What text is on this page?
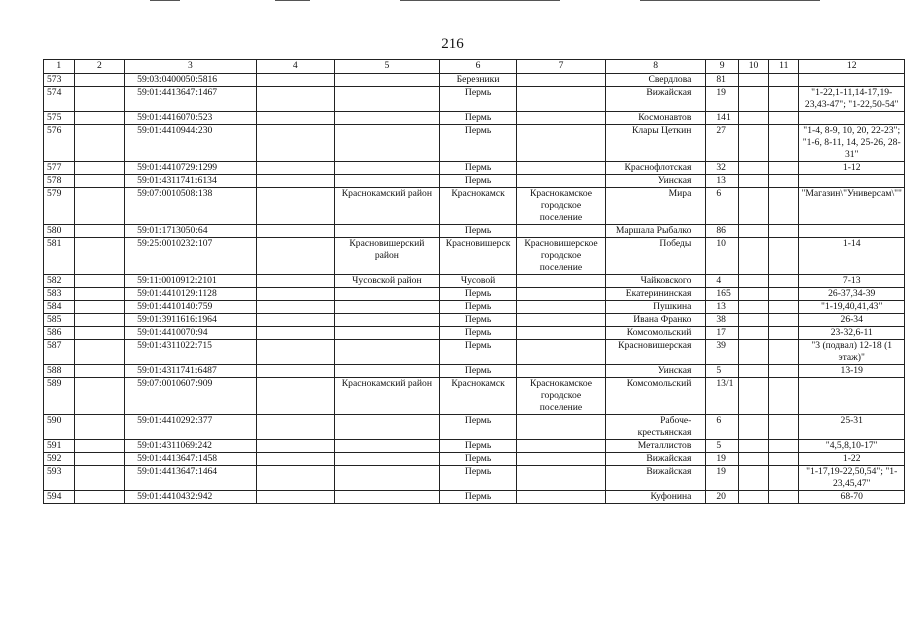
216
1	2	3	4	5	6	7	8	9	10	11	12
573		59:03:0400050:5816			Березники		Свердлова	81			
574		59:01:4413647:1467			Пермь		Вижайская	19			"1-22,1-11,14-17,19-23,43-47"; "1-22,50-54"
575		59:01:4416070:523			Пермь		Космонавтов	141			
576		59:01:4410944:230			Пермь		Клары Цеткин	27			"1-4, 8-9, 10, 20, 22-23"; "1-6, 8-11, 14, 25-26, 28-31"
577		59:01:4410729:1299			Пермь		Краснофлотская	32			1-12
578		59:01:4311741:6134			Пермь		Уинская	13			
579		59:07:0010508:138		Краснокамский район	Краснокамск	Краснокамское городское поселение	Мира	6			"Магазин\"Универсам\""
580		59:01:1713050:64			Пермь		Маршала Рыбалко	86			
581		59:25:0010232:107		Красновишерский район	Красновишерск	Красновишерское городское поселение	Победы	10			1-14
582		59:11:0010912:2101		Чусовской район	Чусовой		Чайковского	4			7-13
583		59:01:4410129:1128			Пермь		Екатерининская	165			26-37,34-39
584		59:01:4410140:759			Пермь		Пушкина	13			"1-19,40,41,43"
585		59:01:3911616:1964			Пермь		Ивана Франко	38			26-34
586		59:01:4410070:94			Пермь		Комсомольский	17			23-32,6-11
587		59:01:4311022:715			Пермь		Красновишерская	39			"3 (подвал) 12-18 (1 этаж)"
588		59:01:4311741:6487			Пермь		Уинская	5			13-19
589		59:07:0010607:909		Краснокамский район	Краснокамск	Краснокамское городское поселение	Комсомольский	13/1			
590		59:01:4410292:377			Пермь		Рабоче-крестьянская	6			25-31
591		59:01:4311069:242			Пермь		Металлистов	5			"4,5,8,10-17"
592		59:01:4413647:1458			Пермь		Вижайская	19			1-22
593		59:01:4413647:1464			Пермь		Вижайская	19			"1-17,19-22,50,54"; "1-23,45,47"
594		59:01:4410432:942			Пермь		Куфонина	20			68-70
